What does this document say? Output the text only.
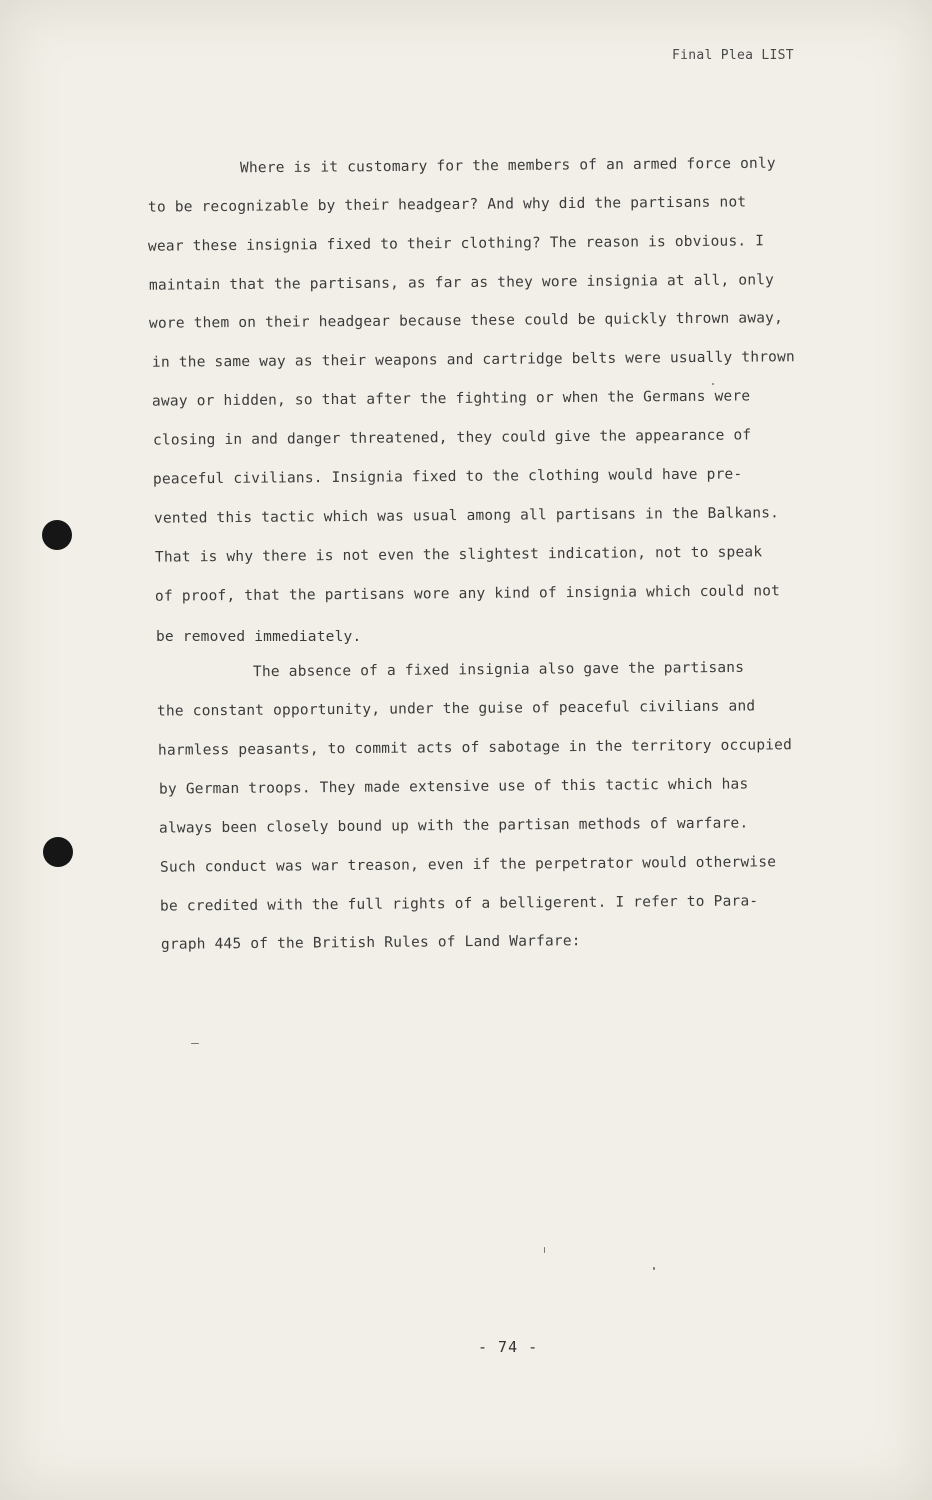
Final Plea LIST
Where is it customary for the members of an armed force only
to be recognizable by their headgear? And why did the partisans not
wear these insignia fixed to their clothing? The reason is obvious. I
maintain that the partisans, as far as they wore insignia at all, only
wore them on their headgear because these could be quickly thrown away,
in the same way as their weapons and cartridge belts were usually thrown
away or hidden, so that after the fighting or when the Germans were
closing in and danger threatened, they could give the appearance of
peaceful civilians. Insignia fixed to the clothing would have pre-
vented this tactic which was usual among all partisans in the Balkans.
That is why there is not even the slightest indication, not to speak
of proof, that the partisans wore any kind of insignia which could not
be removed immediately.
The absence of a fixed insignia also gave the partisans
the constant opportunity, under the guise of peaceful civilians and
harmless peasants, to commit acts of sabotage in the territory occupied
by German troops. They made extensive use of this tactic which has
always been closely bound up with the partisan methods of warfare.
Such conduct was war treason, even if the perpetrator would otherwise
be credited with the full rights of a belligerent. I refer to Para-
graph 445 of the British Rules of Land Warfare:
- 74 -
